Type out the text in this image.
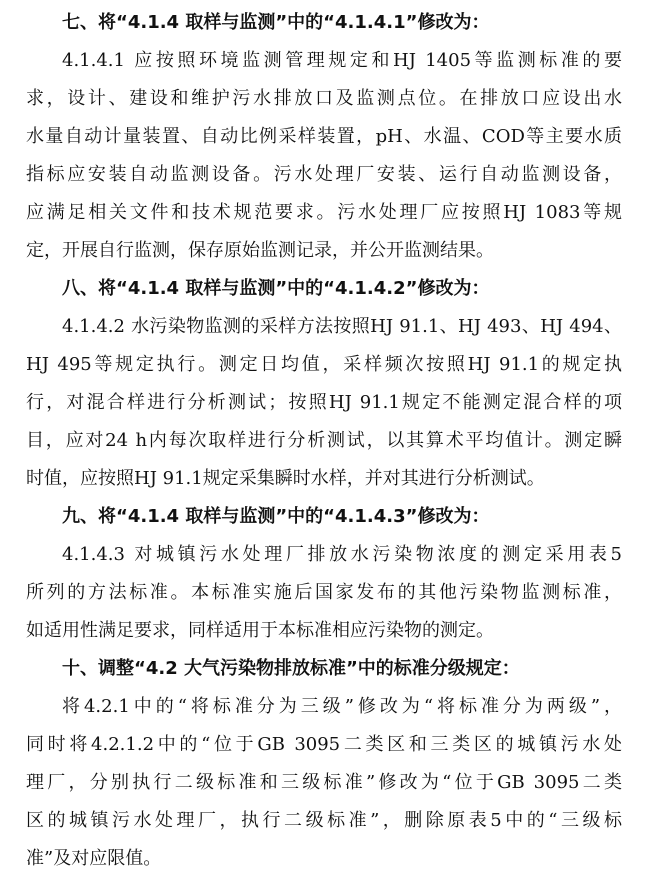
七、将“4.1.4 取样与监测”中的“4.1.4.1”修改为：
4.1.4.1 应按照环境监测管理规定和HJ 1405等监测标准的要
求，设计、建设和维护污水排放口及监测点位。在排放口应设出水
水量自动计量装置、自动比例采样装置，pH、水温、COD等主要水质
指标应安装自动监测设备。污水处理厂安装、运行自动监测设备，
应满足相关文件和技术规范要求。污水处理厂应按照HJ 1083等规
定，开展自行监测，保存原始监测记录，并公开监测结果。
八、将“4.1.4 取样与监测”中的“4.1.4.2”修改为：
4.1.4.2 水污染物监测的采样方法按照HJ 91.1、HJ 493、HJ 494、
HJ 495等规定执行。测定日均值，采样频次按照HJ 91.1的规定执
行，对混合样进行分析测试；按照HJ 91.1规定不能测定混合样的项
目，应对24 h内每次取样进行分析测试，以其算术平均值计。测定瞬
时值，应按照HJ 91.1规定采集瞬时水样，并对其进行分析测试。
九、将“4.1.4 取样与监测”中的“4.1.4.3”修改为：
4.1.4.3 对城镇污水处理厂排放水污染物浓度的测定采用表5
所列的方法标准。本标准实施后国家发布的其他污染物监测标准，
如适用性满足要求，同样适用于本标准相应污染物的测定。
十、调整“4.2 大气污染物排放标准”中的标准分级规定：
将4.2.1中的“将标准分为三级”修改为“将标准分为两级”，
同时将4.2.1.2中的“位于GB 3095二类区和三类区的城镇污水处
理厂，分别执行二级标准和三级标准”修改为“位于GB 3095二类
区的城镇污水处理厂，执行二级标准”，删除原表5中的“三级标
准”及对应限值。
